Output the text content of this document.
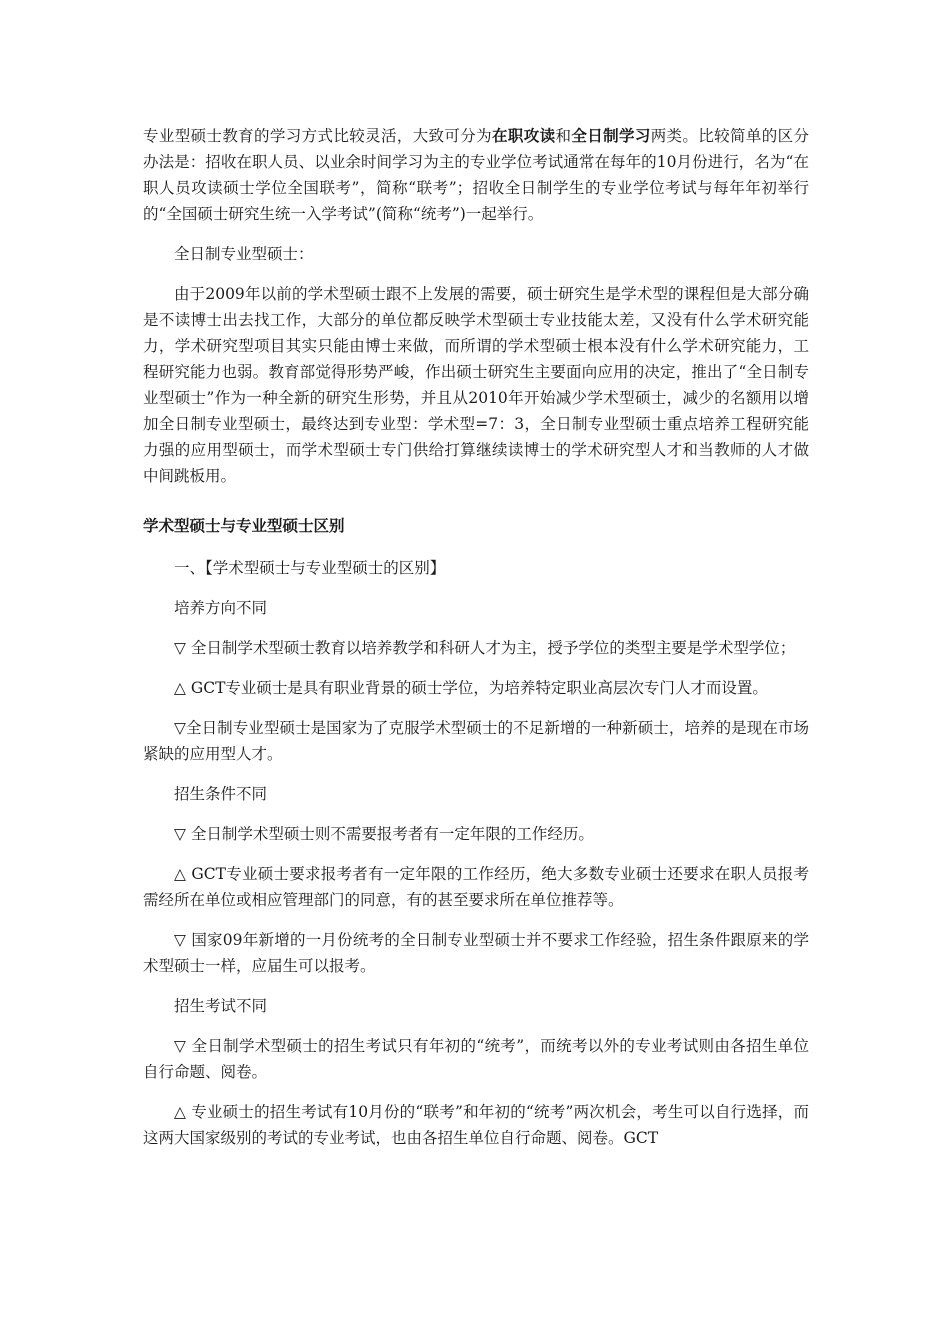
专业型硕士教育的学习方式比较灵活，大致可分为在职攻读和全日制学习两类。比较简单的区分办法是：招收在职人员、以业余时间学习为主的专业学位考试通常在每年的10月份进行，名为“在职人员攻读硕士学位全国联考”，简称“联考”；招收全日制学生的专业学位考试与每年年初举行的“全国硕士研究生统一入学考试”(简称“统考”)一起举行。

全日制专业型硕士：

由于2009年以前的学术型硕士跟不上发展的需要，硕士研究生是学术型的课程但是大部分确是不读博士出去找工作，大部分的单位都反映学术型硕士专业技能太差，又没有什么学术研究能力，学术研究型项目其实只能由博士来做，而所谓的学术型硕士根本没有什么学术研究能力，工程研究能力也弱。教育部觉得形势严峻，作出硕士研究生主要面向应用的决定，推出了“全日制专业型硕士”作为一种全新的研究生形势，并且从2010年开始减少学术型硕士，减少的名额用以增加全日制专业型硕士，最终达到专业型：学术型=7：3，全日制专业型硕士重点培养工程研究能力强的应用型硕士，而学术型硕士专门供给打算继续读博士的学术研究型人才和当教师的人才做中间跳板用。

学术型硕士与专业型硕士区别

一、【学术型硕士与专业型硕士的区别】

培养方向不同

▽ 全日制学术型硕士教育以培养教学和科研人才为主，授予学位的类型主要是学术型学位；

△ GCT专业硕士是具有职业背景的硕士学位，为培养特定职业高层次专门人才而设置。

▽全日制专业型硕士是国家为了克服学术型硕士的不足新增的一种新硕士，培养的是现在市场紧缺的应用型人才。

招生条件不同

▽ 全日制学术型硕士则不需要报考者有一定年限的工作经历。

△ GCT专业硕士要求报考者有一定年限的工作经历，绝大多数专业硕士还要求在职人员报考需经所在单位或相应管理部门的同意，有的甚至要求所在单位推荐等。

▽ 国家09年新增的一月份统考的全日制专业型硕士并不要求工作经验，招生条件跟原来的学术型硕士一样，应届生可以报考。

招生考试不同

▽ 全日制学术型硕士的招生考试只有年初的“统考”，而统考以外的专业考试则由各招生单位自行命题、阅卷。

△ 专业硕士的招生考试有10月份的“联考”和年初的“统考”两次机会，考生可以自行选择，而这两大国家级别的考试的专业考试，也由各招生单位自行命题、阅卷。GCT
